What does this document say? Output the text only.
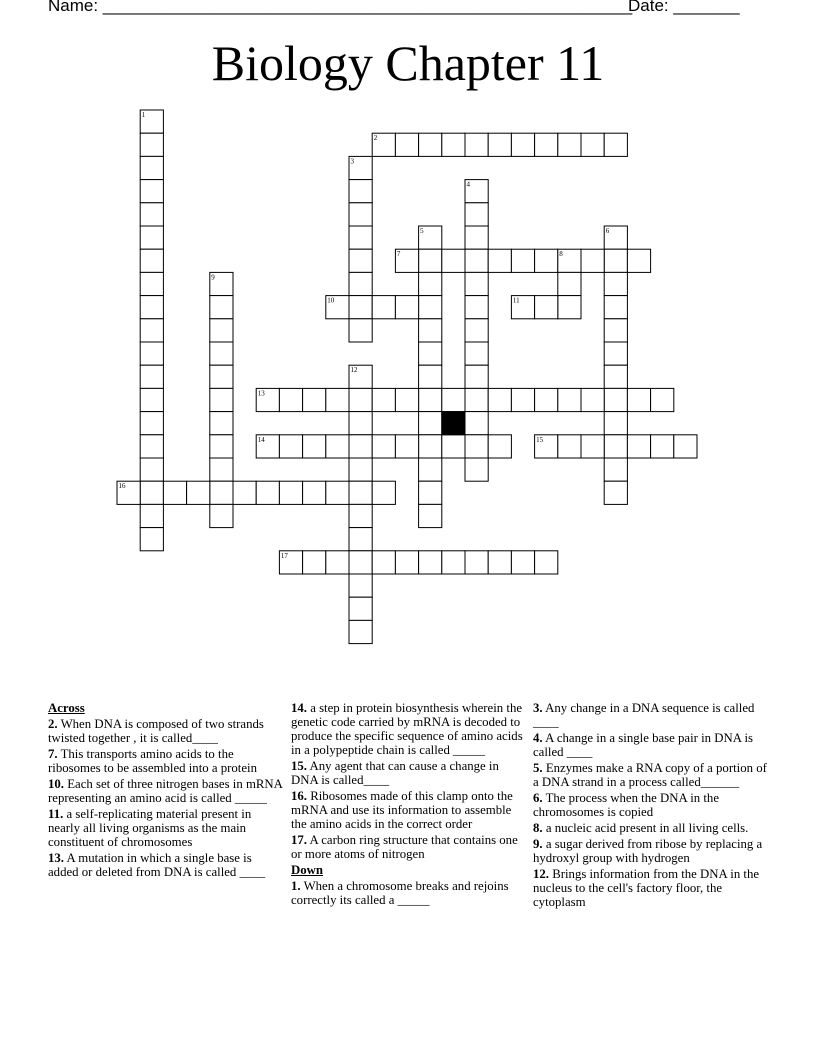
Name: ________________________________________________________
Date: _______
Biology Chapter 11
1
2
3
4
5	6
7	8
9
10	11
12
13
14	15
16
17
Across
2. When DNA is composed of two strands twisted together , it is called____
7. This transports amino acids to the ribosomes to be assembled into a protein
10. Each set of three nitrogen bases in mRNA representing an amino acid is called _____
11. a self-replicating material present in nearly all living organisms as the main constituent of chromosomes
13. A mutation in which a single base is added or deleted from DNA is called ____
14. a step in protein biosynthesis wherein the genetic code carried by mRNA is decoded to produce the specific sequence of amino acids in a polypeptide chain is called _____
15. Any agent that can cause a change in DNA is called____
16. Ribosomes made of this clamp onto the mRNA and use its information to assemble the amino acids in the correct order
17. A carbon ring structure that contains one or more atoms of nitrogen
Down
1. When a chromosome breaks and rejoins correctly its called a _____
3. Any change in a DNA sequence is called ____
4. A change in a single base pair in DNA is called ____
5. Enzymes make a RNA copy of a portion of a DNA strand in a process called______
6. The process when the DNA in the chromosomes is copied
8. a nucleic acid present in all living cells.
9. a sugar derived from ribose by replacing a hydroxyl group with hydrogen
12. Brings information from the DNA in the nucleus to the cell's factory floor, the cytoplasm
